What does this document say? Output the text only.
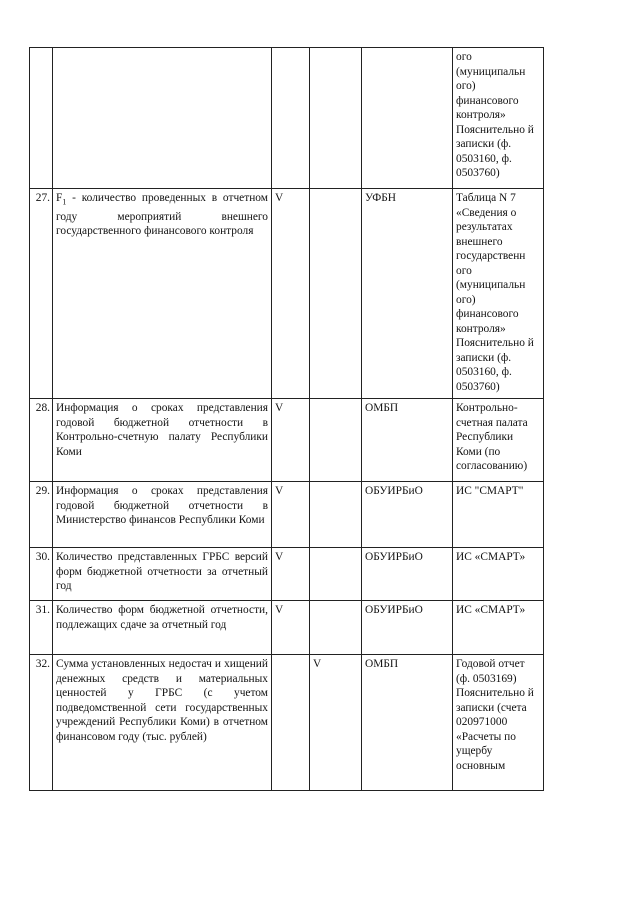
					ого (муниципальн ого) финансового контроля» Пояснительно й записки (ф. 0503160, ф. 0503760)
27.	$F_1$ - количество проведенных в отчетном году мероприятий внешнего государственного финансового контроля	V		УФБН	Таблица N 7 «Сведения о результатах внешнего государственн ого (муниципальн ого) финансового контроля» Пояснительно й записки (ф. 0503160, ф. 0503760)
28.	Информация о сроках представления годовой бюджетной отчетности в Контрольно-счетную палату Республики Коми	V		ОМБП	Контрольно-счетная палата Республики Коми (по согласованию)
29.	Информация о сроках представления годовой бюджетной отчетности в Министерство финансов Республики Коми	V		ОБУИРБиО	ИС "СМАРТ"
30.	Количество представленных ГРБС версий форм бюджетной отчетности за отчетный год	V		ОБУИРБиО	ИС «СМАРТ»
31.	Количество форм бюджетной отчетности, подлежащих сдаче за отчетный год	V		ОБУИРБиО	ИС «СМАРТ»
32.	Сумма установленных недостач и хищений денежных средств и материальных ценностей у ГРБС (с учетом подведомственной сети государственных учреждений Республики Коми) в отчетном финансовом году (тыс. рублей)		V	ОМБП	Годовой отчет (ф. 0503169) Пояснительно й записки (счета 020971000 «Расчеты по ущербу основным
